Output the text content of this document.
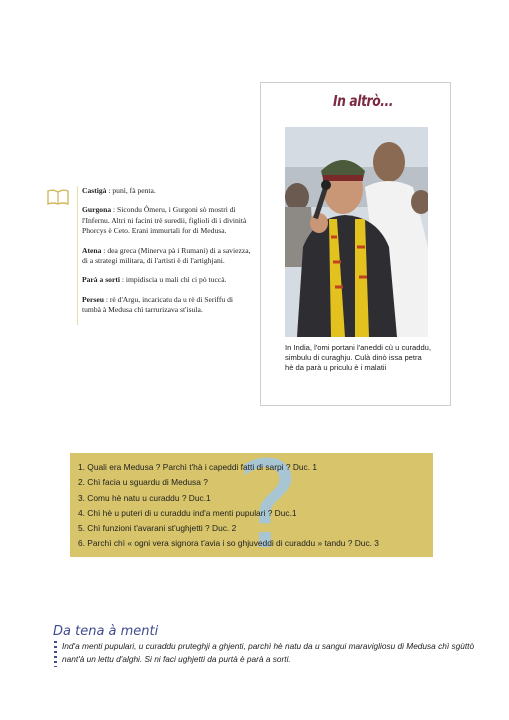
Castigà : punì, fà penta.

Gurgona : Sicondu Ômeru, i Gurgoni sò mostri di l'Infernu. Altri ni facini trè suredii, figlioli di i divinità Phorcys è Ceto. Erani immurtali for di Medusa.

Atena : dea greca (Minerva pà i Rumani) di a saviezza, di a strategi militara, di l'artisti è di l'artighjani.

Parà a sorti : impidiscia u mali chì ci pò tuccà.

Perseu : rè d'Argu, incaricatu da u rè di Seriffu di tumbà à Medusa chì tarrurizava st'isula.

In altrò...
In India, l'omi portani l'aneddi cù u curaddu, simbulu di curaghju. Culà dinò issa petra hè da parà u priculu è i malatii
?
1. Quali era Medusa ? Parchì t'hà i capeddi fatti di sarpi ? Duc. 1
2. Chì facia u sguardu di Medusa ?
3. Comu hè natu u curaddu ? Duc.1
4. Chì hè u puteri di u curaddu ind'a menti pupulari ? Duc.1
5. Chì funzioni t'avarani st'ughjetti ? Duc. 2
6. Parchì chì « ogni vera signora t'avia i so ghjuveddi di curaddu » tandu ? Duc. 3
Da tena à menti
Ind'a menti pupulari, u curaddu pruteghji a ghjenti, parchì hè natu da u sangui maravigliosu di Medusa chì sgùttò nant'à un lettu d'alghi. Si ni faci ughjetti da purtà è parà a sorti.
